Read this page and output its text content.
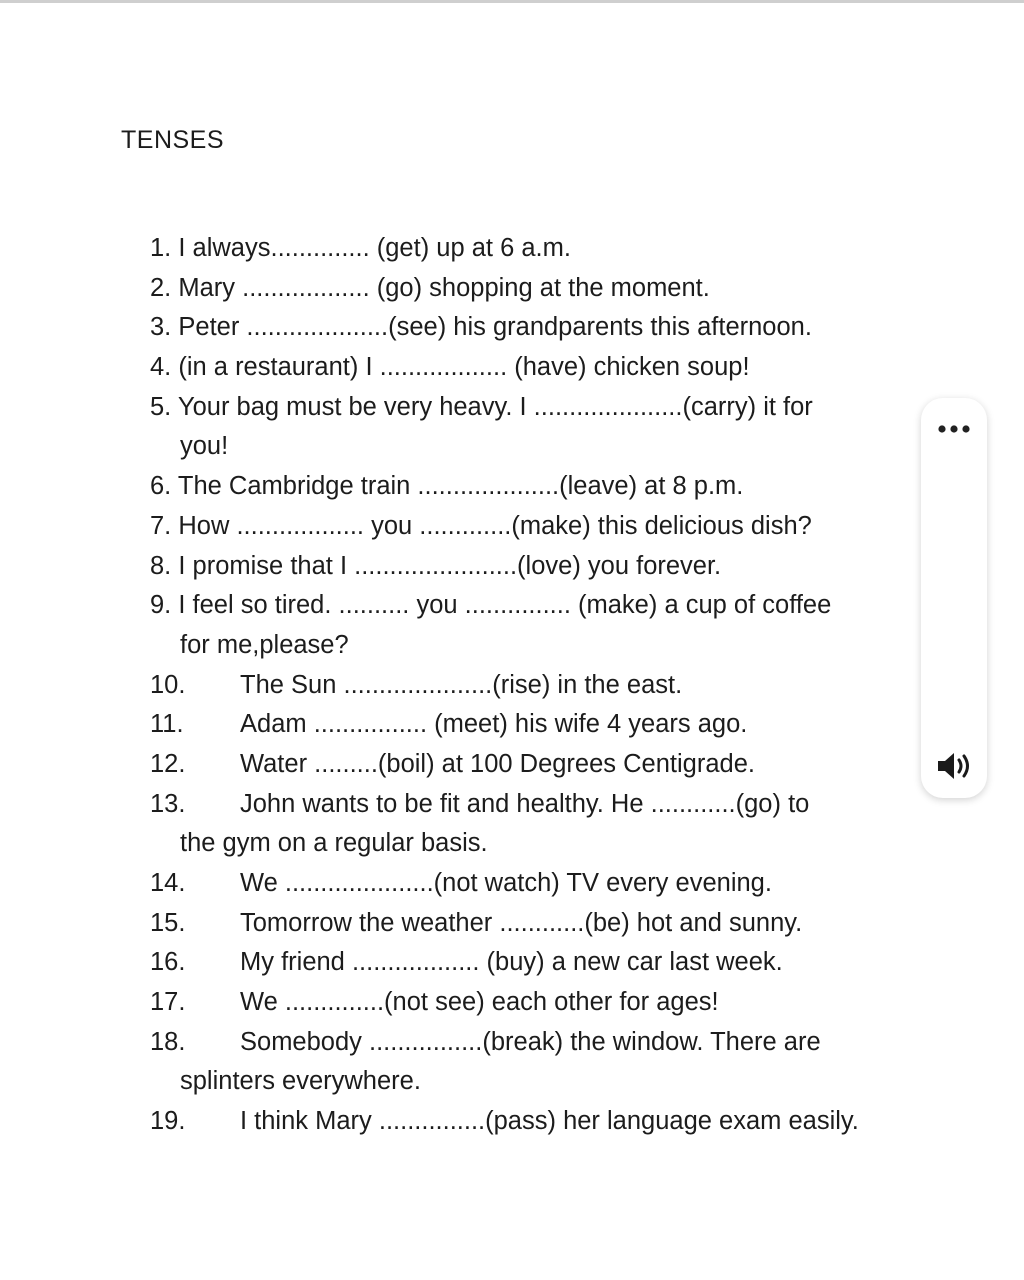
TENSES
1. I always.............. (get) up at 6 a.m.
2. Mary .................. (go) shopping at the moment.
3. Peter ....................(see) his grandparents this afternoon.
4. (in a restaurant) I .................. (have) chicken soup!
5. Your bag must be very heavy. I .....................(carry) it for
you!
6. The Cambridge train ....................(leave) at 8 p.m.
7. How .................. you .............(make) this delicious dish?
8. I promise that I .......................(love) you forever.
9. I feel so tired. .......... you ............... (make) a cup of coffee
for me,please?
10. The Sun .....................(rise) in the east.
11. Adam ................ (meet) his wife 4 years ago.
12. Water .........(boil) at 100 Degrees Centigrade.
13. John wants to be fit and healthy. He ............(go) to
the gym on a regular basis.
14. We .....................(not watch) TV every evening.
15. Tomorrow the weather ............(be) hot and sunny.
16. My friend .................. (buy) a new car last week.
17. We ..............(not see) each other for ages!
18. Somebody ................(break) the window. There are
splinters everywhere.
19. I think Mary ...............(pass) her language exam easily.
